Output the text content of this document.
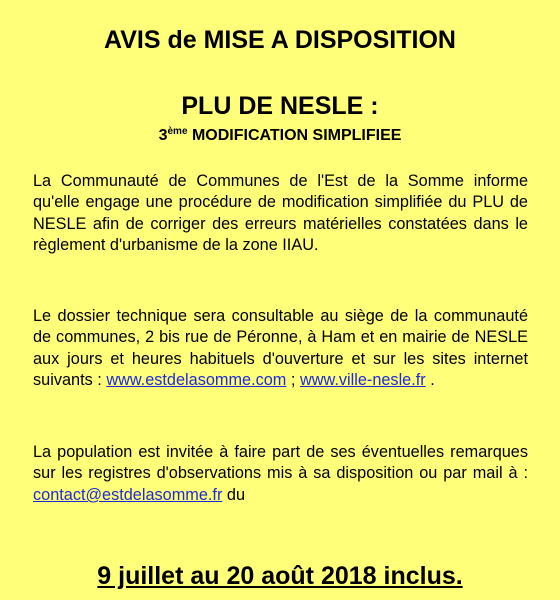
AVIS de MISE A DISPOSITION
PLU DE NESLE :
3ème MODIFICATION SIMPLIFIEE
La Communauté de Communes de l'Est de la Somme informe qu'elle engage une procédure de modification simplifiée du PLU de NESLE afin de corriger des erreurs matérielles constatées dans le règlement d'urbanisme de la zone IIAU.
Le dossier technique sera consultable au siège de la communauté de communes, 2 bis rue de Péronne, à Ham et en mairie de NESLE aux jours et heures habituels d'ouverture et sur les sites internet suivants : www.estdelasomme.com ; www.ville-nesle.fr .
La population est invitée à faire part de ses éventuelles remarques sur les registres d'observations mis à sa disposition ou par mail à : contact@estdelasomme.fr du
9 juillet au 20 août 2018 inclus.
